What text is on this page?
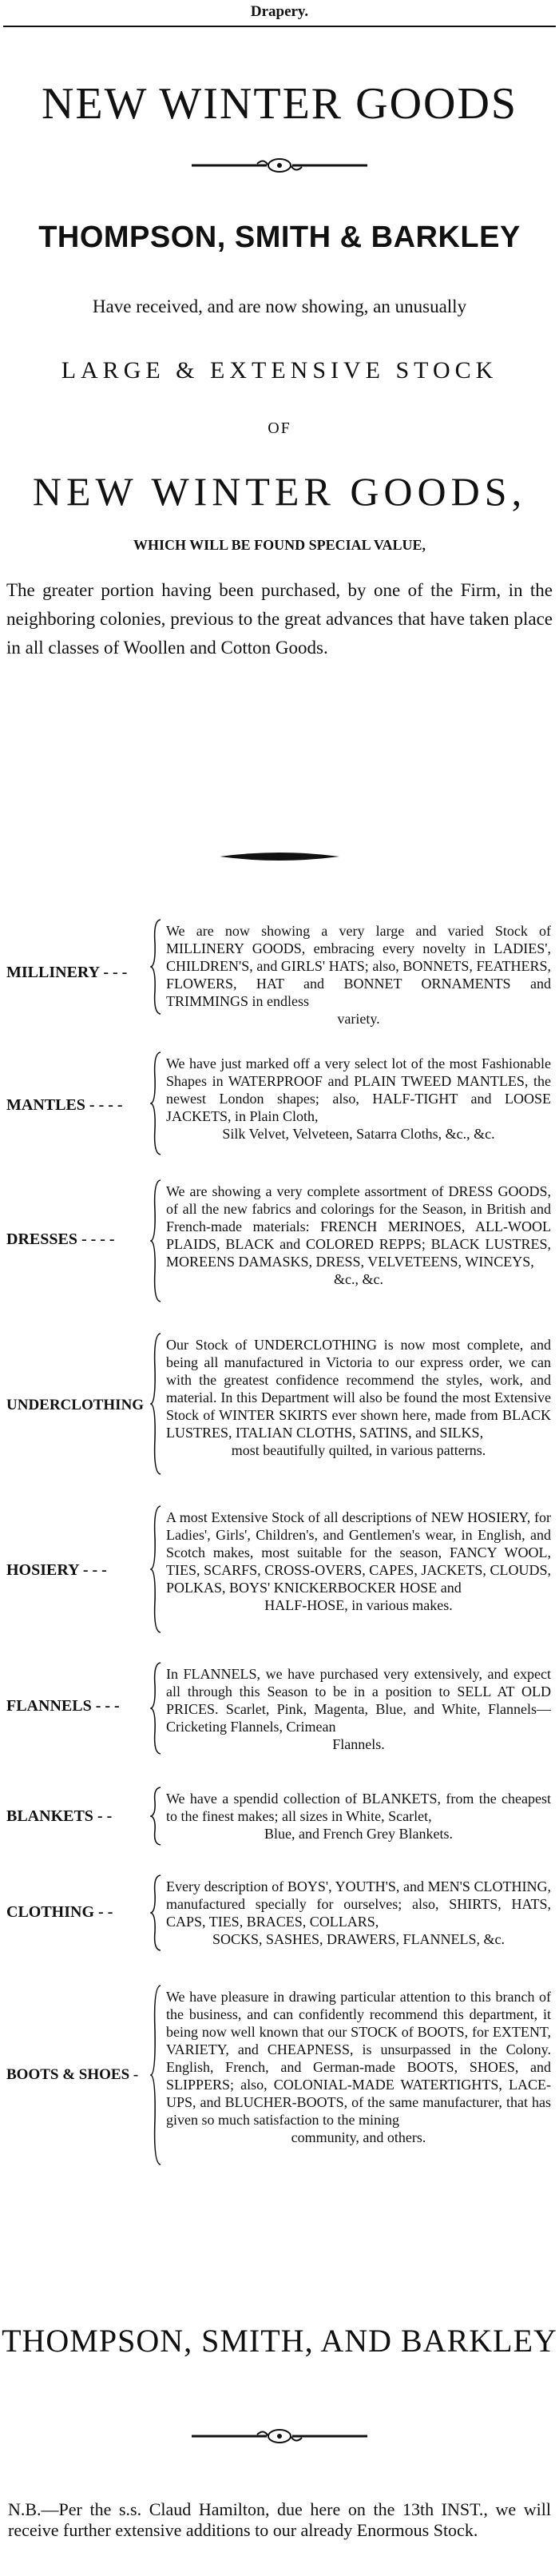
Drapery.
NEW WINTER GOODS
THOMPSON, SMITH & BARKLEY
Have received, and are now showing, an unusually
LARGE & EXTENSIVE STOCK
OF
NEW WINTER GOODS,
WHICH WILL BE FOUND SPECIAL VALUE,
The greater portion having been purchased, by one of the Firm, in the neighboring colonies, previous to the great advances that have taken place in all classes of Woollen and Cotton Goods.
MILLINERY - - -
We are now showing a very large and varied Stock of MILLINERY GOODS, embracing every novelty in LADIES', CHILDREN'S, and GIRLS' HATS; also, BONNETS, FEATHERS, FLOWERS, HAT and BONNET ORNAMENTS and TRIMMINGS in endless
variety.
MANTLES - - - -
We have just marked off a very select lot of the most Fashionable Shapes in WATERPROOF and PLAIN TWEED MANTLES, the newest London shapes; also, HALF-TIGHT and LOOSE JACKETS, in Plain Cloth,
Silk Velvet, Velveteen, Satarra Cloths, &c., &c.
DRESSES - - - -
We are showing a very complete assortment of DRESS GOODS, of all the new fabrics and colorings for the Season, in British and French-made materials: FRENCH MERINOES, ALL-WOOL PLAIDS, BLACK and COLORED REPPS; BLACK LUSTRES, MOREENS DAMASKS, DRESS, VELVETEENS, WINCEYS,
&c., &c.
UNDERCLOTHING
Our Stock of UNDERCLOTHING is now most complete, and being all manufactured in Victoria to our express order, we can with the greatest confidence recommend the styles, work, and material. In this Department will also be found the most Extensive Stock of WINTER SKIRTS ever shown here, made from BLACK LUSTRES, ITALIAN CLOTHS, SATINS, and SILKS,
most beautifully quilted, in various patterns.
HOSIERY - - -
A most Extensive Stock of all descriptions of NEW HOSIERY, for Ladies', Girls', Children's, and Gentlemen's wear, in English, and Scotch makes, most suitable for the season, FANCY WOOL, TIES, SCARFS, CROSS-OVERS, CAPES, JACKETS, CLOUDS, POLKAS, BOYS' KNICKERBOCKER HOSE and
HALF-HOSE, in various makes.
FLANNELS - - -
In FLANNELS, we have purchased very extensively, and expect all through this Season to be in a position to SELL AT OLD PRICES. Scarlet, Pink, Magenta, Blue, and White, Flannels—Cricketing Flannels, Crimean
Flannels.
BLANKETS - -
We have a spendid collection of BLANKETS, from the cheapest to the finest makes; all sizes in White, Scarlet,
Blue, and French Grey Blankets.
CLOTHING - -
Every description of BOYS', YOUTH'S, and MEN'S CLOTHING, manufactured specially for ourselves; also, SHIRTS, HATS, CAPS, TIES, BRACES, COLLARS,
SOCKS, SASHES, DRAWERS, FLANNELS, &c.
BOOTS & SHOES -
We have pleasure in drawing particular attention to this branch of the business, and can confidently recommend this department, it being now well known that our STOCK of BOOTS, for EXTENT, VARIETY, and CHEAPNESS, is unsurpassed in the Colony. English, French, and German-made BOOTS, SHOES, and SLIPPERS; also, COLONIAL-MADE WATERTIGHTS, LACE-UPS, and BLUCHER-BOOTS, of the same manufacturer, that has given so much satisfaction to the mining
community, and others.
THOMPSON, SMITH, AND BARKLEY
N.B.—Per the s.s. Claud Hamilton, due here on the 13th INST., we will receive further extensive additions to our already Enormous Stock.
